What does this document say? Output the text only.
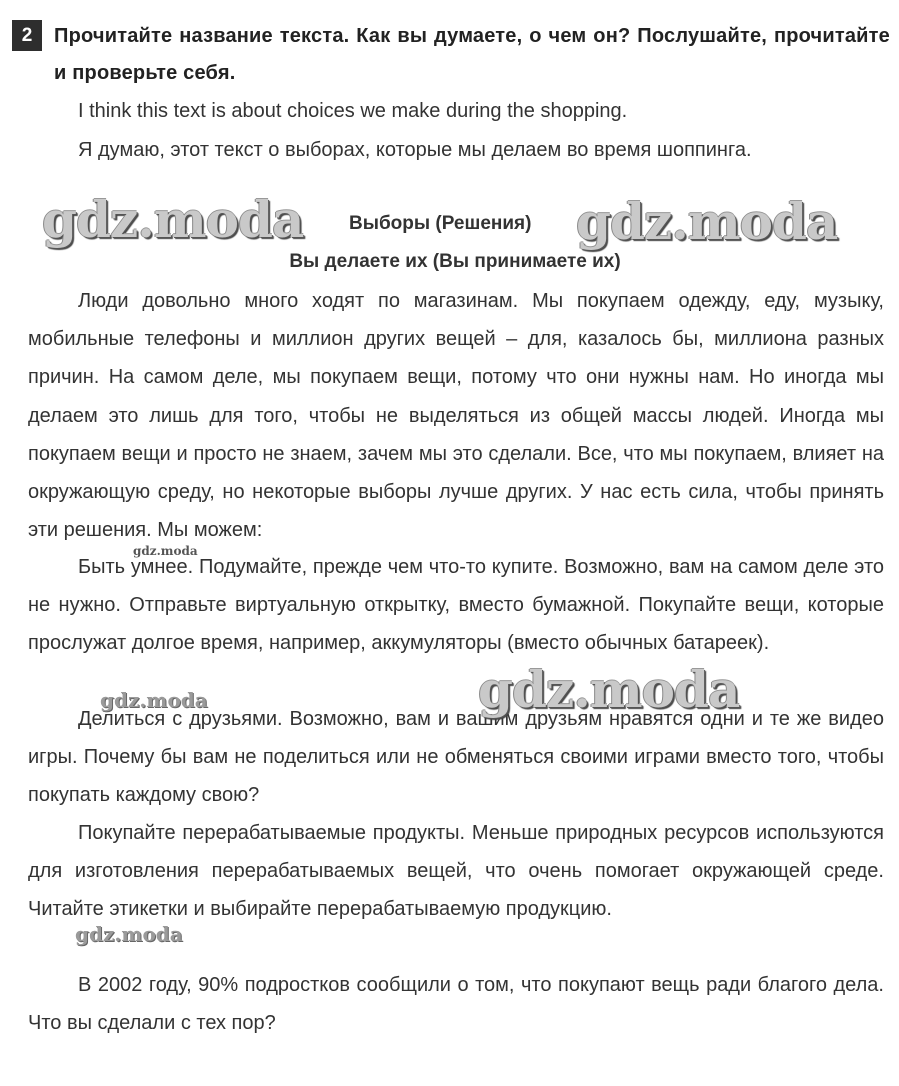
2	Прочитайте название текста. Как вы думаете, о чем он? Послушайте, прочитайте и проверьте себя.
I think this text is about choices we make during the shopping.
Я думаю, этот текст о выборах, которые мы делаем во время шоппинга.
gdz.moda Выборы (Решения) gdz.moda
Вы делаете их (Вы принимаете их)

Люди довольно много ходят по магазинам. Мы покупаем одежду, еду, музыку, мобильные телефоны и миллион других вещей – для, казалось бы, миллиона разных причин. На самом деле, мы покупаем вещи, потому что они нужны нам. Но иногда мы делаем это лишь для того, чтобы не выделяться из общей массы людей. Иногда мы покупаем вещи и просто не знаем, зачем мы это сделали. Все, что мы покупаем, влияет на окружающую среду, но некоторые выборы лучше других. У нас есть сила, чтобы принять эти решения. Мы можем:

Быть умнее. Подумайте, прежде чем что-то купите. Возможно, вам на самом деле это не нужно. Отправьте виртуальную открытку, вместо бумажной. Покупайте вещи, которые прослужат долгое время, например, аккумуляторы (вместо обычных батареек).

Делиться с друзьями. Возможно, вам и вашим друзьям нравятся одни и те же видео игры. Почему бы вам не поделиться или не обменяться своими играми вместо того, чтобы покупать каждому свою?

Покупайте перерабатываемые продукты. Меньше природных ресурсов используются для изготовления перерабатываемых вещей, что очень помогает окружающей среде. Читайте этикетки и выбирайте перерабатываемую продукцию.

В 2002 году, 90% подростков сообщили о том, что покупают вещь ради благого дела. Что вы сделали с тех пор?

gdz.moda
gdz.moda	gdz.moda
gdz.moda
